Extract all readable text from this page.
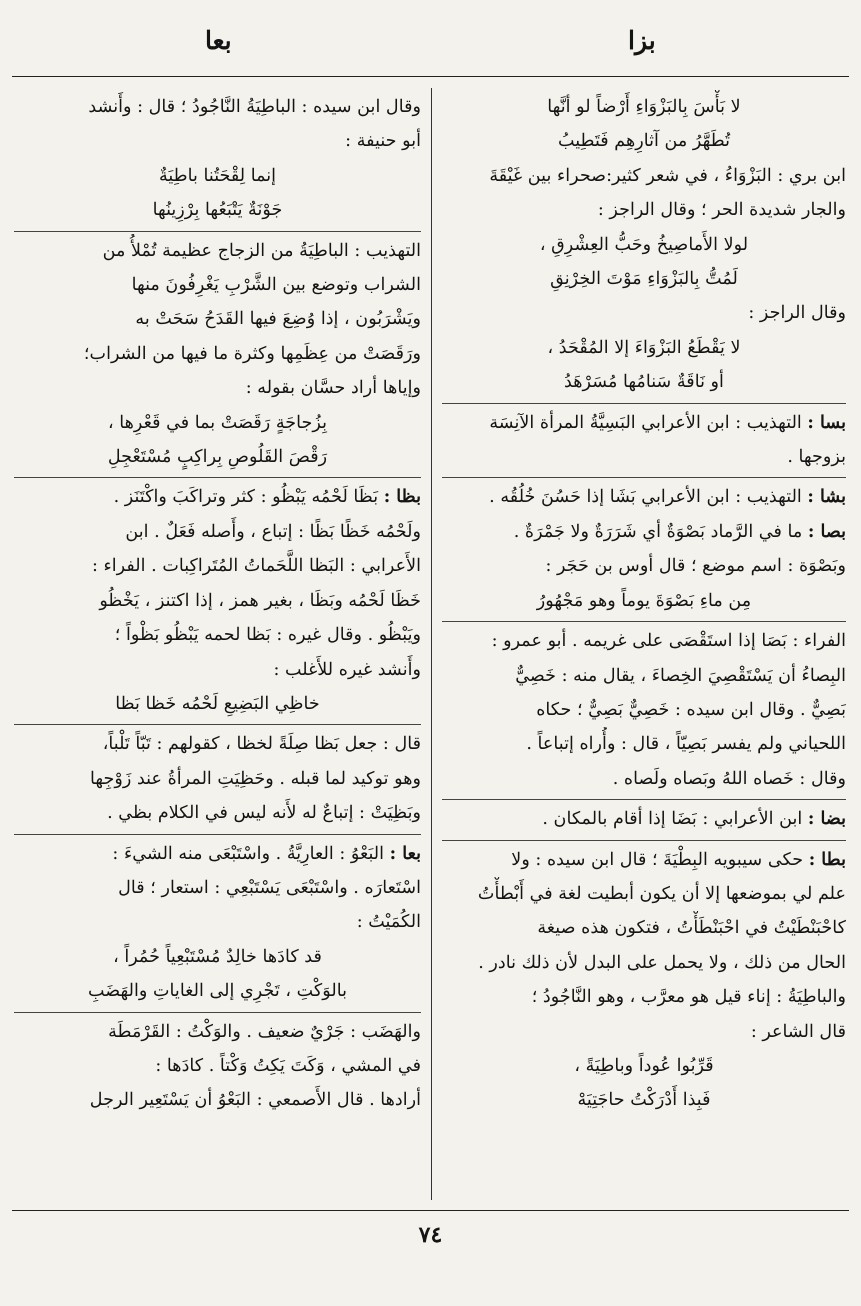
بزا
بعا

لا بَأْسَ بِالبَزْوَاءِ أَرْضاً لو أنَّها

تُطَهَّرُ من آثارِهِم فَتَطِيبُ

ابن بري : البَزْوَاءُ ، في شعر كثير:صحراء بين غَيْقَةَ

والجار شديدة الحر ؛ وقال الراجز :

لولا الأَماصِيخُ وحَبُّ العِشْرِقِ ،

لَمُتُّ بِالبَزْوَاءِ مَوْتَ الخِرْنِقِ

وقال الراجز :

لا يَقْطَعُ البَزْوَاءَ إلا المُقْحَدُ ،

أو نَاقَةٌ سَنامُها مُسَرْهَدُ

بسا : التهذيب : ابن الأعرابي البَسِيَّةُ المرأة الآنِسَة

بزوجها .

بشا : التهذيب : ابن الأعرابي بَشَا إذا حَسُنَ خُلُقُه .

بصا : ما في الرَّماد بَصْوَةٌ أي شَرَرَةٌ ولا جَمْرَةٌ .

وبَصْوَة : اسم موضع ؛ قال أوس بن حَجَر :

مِن ماءِ بَصْوَةَ يوماً وهو مَجْهُورُ

الفراء : بَصَا إذا استَقْصَى على غريمه . أبو عمرو :

البِصاءُ أن يَسْتَقْصِيَ الخِصاءَ ، يقال منه : خَصِيٌّ

بَصِيٌّ . وقال ابن سيده : خَصِيٌّ بَصِيٌّ ؛ حكاه

اللحياني ولم يفسر بَصِيّاً ، قال : وأُراه إتباعاً .

وقال : خَصاه اللهُ وبَصاه ولَصاه .

بضا : ابن الأعرابي : بَضَا إذا أقام بالمكان .

بطا : حكى سيبويه البِطْيَةَ ؛ قال ابن سيده : ولا

علم لي بموضعها إلا أن يكون أبطيت لغة في أَبْطأْتُ

كاحْبَنْطَيْتُ في احْبَنْطَأْتُ ، فتكون هذه صيغة

الحال من ذلك ، ولا يحمل على البدل لأن ذلك نادر .

والباطِيَةُ : إناء قيل هو معرَّب ، وهو النَّاجُودُ ؛

قال الشاعر :

قَرِّبُوا عُوداً وباطِيَةً ،

فَبِذا أَدْرَكْتُ حاجَتِيَهْ

وقال ابن سيده : الباطِيَةُ النَّاجُودُ ؛ قال : وأَنشد

أبو حنيفة :

إنما لِقْحَتُنا باطِيَةٌ

جَوْنَةٌ يَتْبَعُها بِرْزِينُها

التهذيب : الباطِيَةُ من الزجاج عظيمة تُمْلأُ من

الشراب وتوضع بين الشَّرْبِ يَغْرِفُونَ منها

ويَشْرَبُون ، إذا وُضِعَ فيها القَدَحُ سَحَتْ به

ورَقَصَتْ من عِظَمِها وكثرة ما فيها من الشراب؛

وإياها أراد حسَّان بقوله :

بِزُجاجَةٍ رَقَصَتْ بما في قَعْرِها ،

رَقْصَ القَلُوصِ بِراكِبٍ مُسْتَعْجِلِ

بظا : بَظَا لَحْمُه يَبْظُو : كثر وتراكَبَ واكْتَنَز .

ولَحْمُه خَظًا بَظًا : إتباع ، وأَصله فَعَلٌ . ابن

الأَعرابي : البَظا اللَّحَماتُ المُتَراكِبات . الفراء :

خَظَا لَحْمُه وبَظَا ، بغير همز ، إذا اكتنز ، يَخْظُو

ويَبْظُو . وقال غيره : بَظا لحمه يَبْظُو بَظْواً ؛

وأَنشد غيره للأَغلب :

خاظِي البَضِيعِ لَحْمُه خَظا بَظا

قال : جعل بَظا صِلَةً لخظا ، كقولهم : تَبّاً تَلْباً،

وهو توكيد لما قبله . وحَظِيَتِ المرأةُ عند زَوْجِها

وبَظِيَتْ : إتباعٌ له لأَنه ليس في الكلام بظي .

بعا : البَعْوُ : العارِيَّةُ . واسْتَبْعَى منه الشيءَ :

اسْتَعارَه . واسْتَبْعَى يَسْتَبْعِي : استعار ؛ قال

الكُمَيْتُ :

قد كادَها خالِدٌ مُسْتَبْعِياً حُمُراً ،

بالوَكْتِ ، تَجْرِي إلى الغاياتِ والهَضَبِ

والهَضَب : جَرْيٌ ضعيف . والوَكْتُ : القَرْمَطَة

في المشي ، وَكَتَ يَكِتُ وَكْتاً . كادَها :

أرادها . قال الأَصمعي : البَعْوُ أن يَسْتَعِير الرجل

٧٤
